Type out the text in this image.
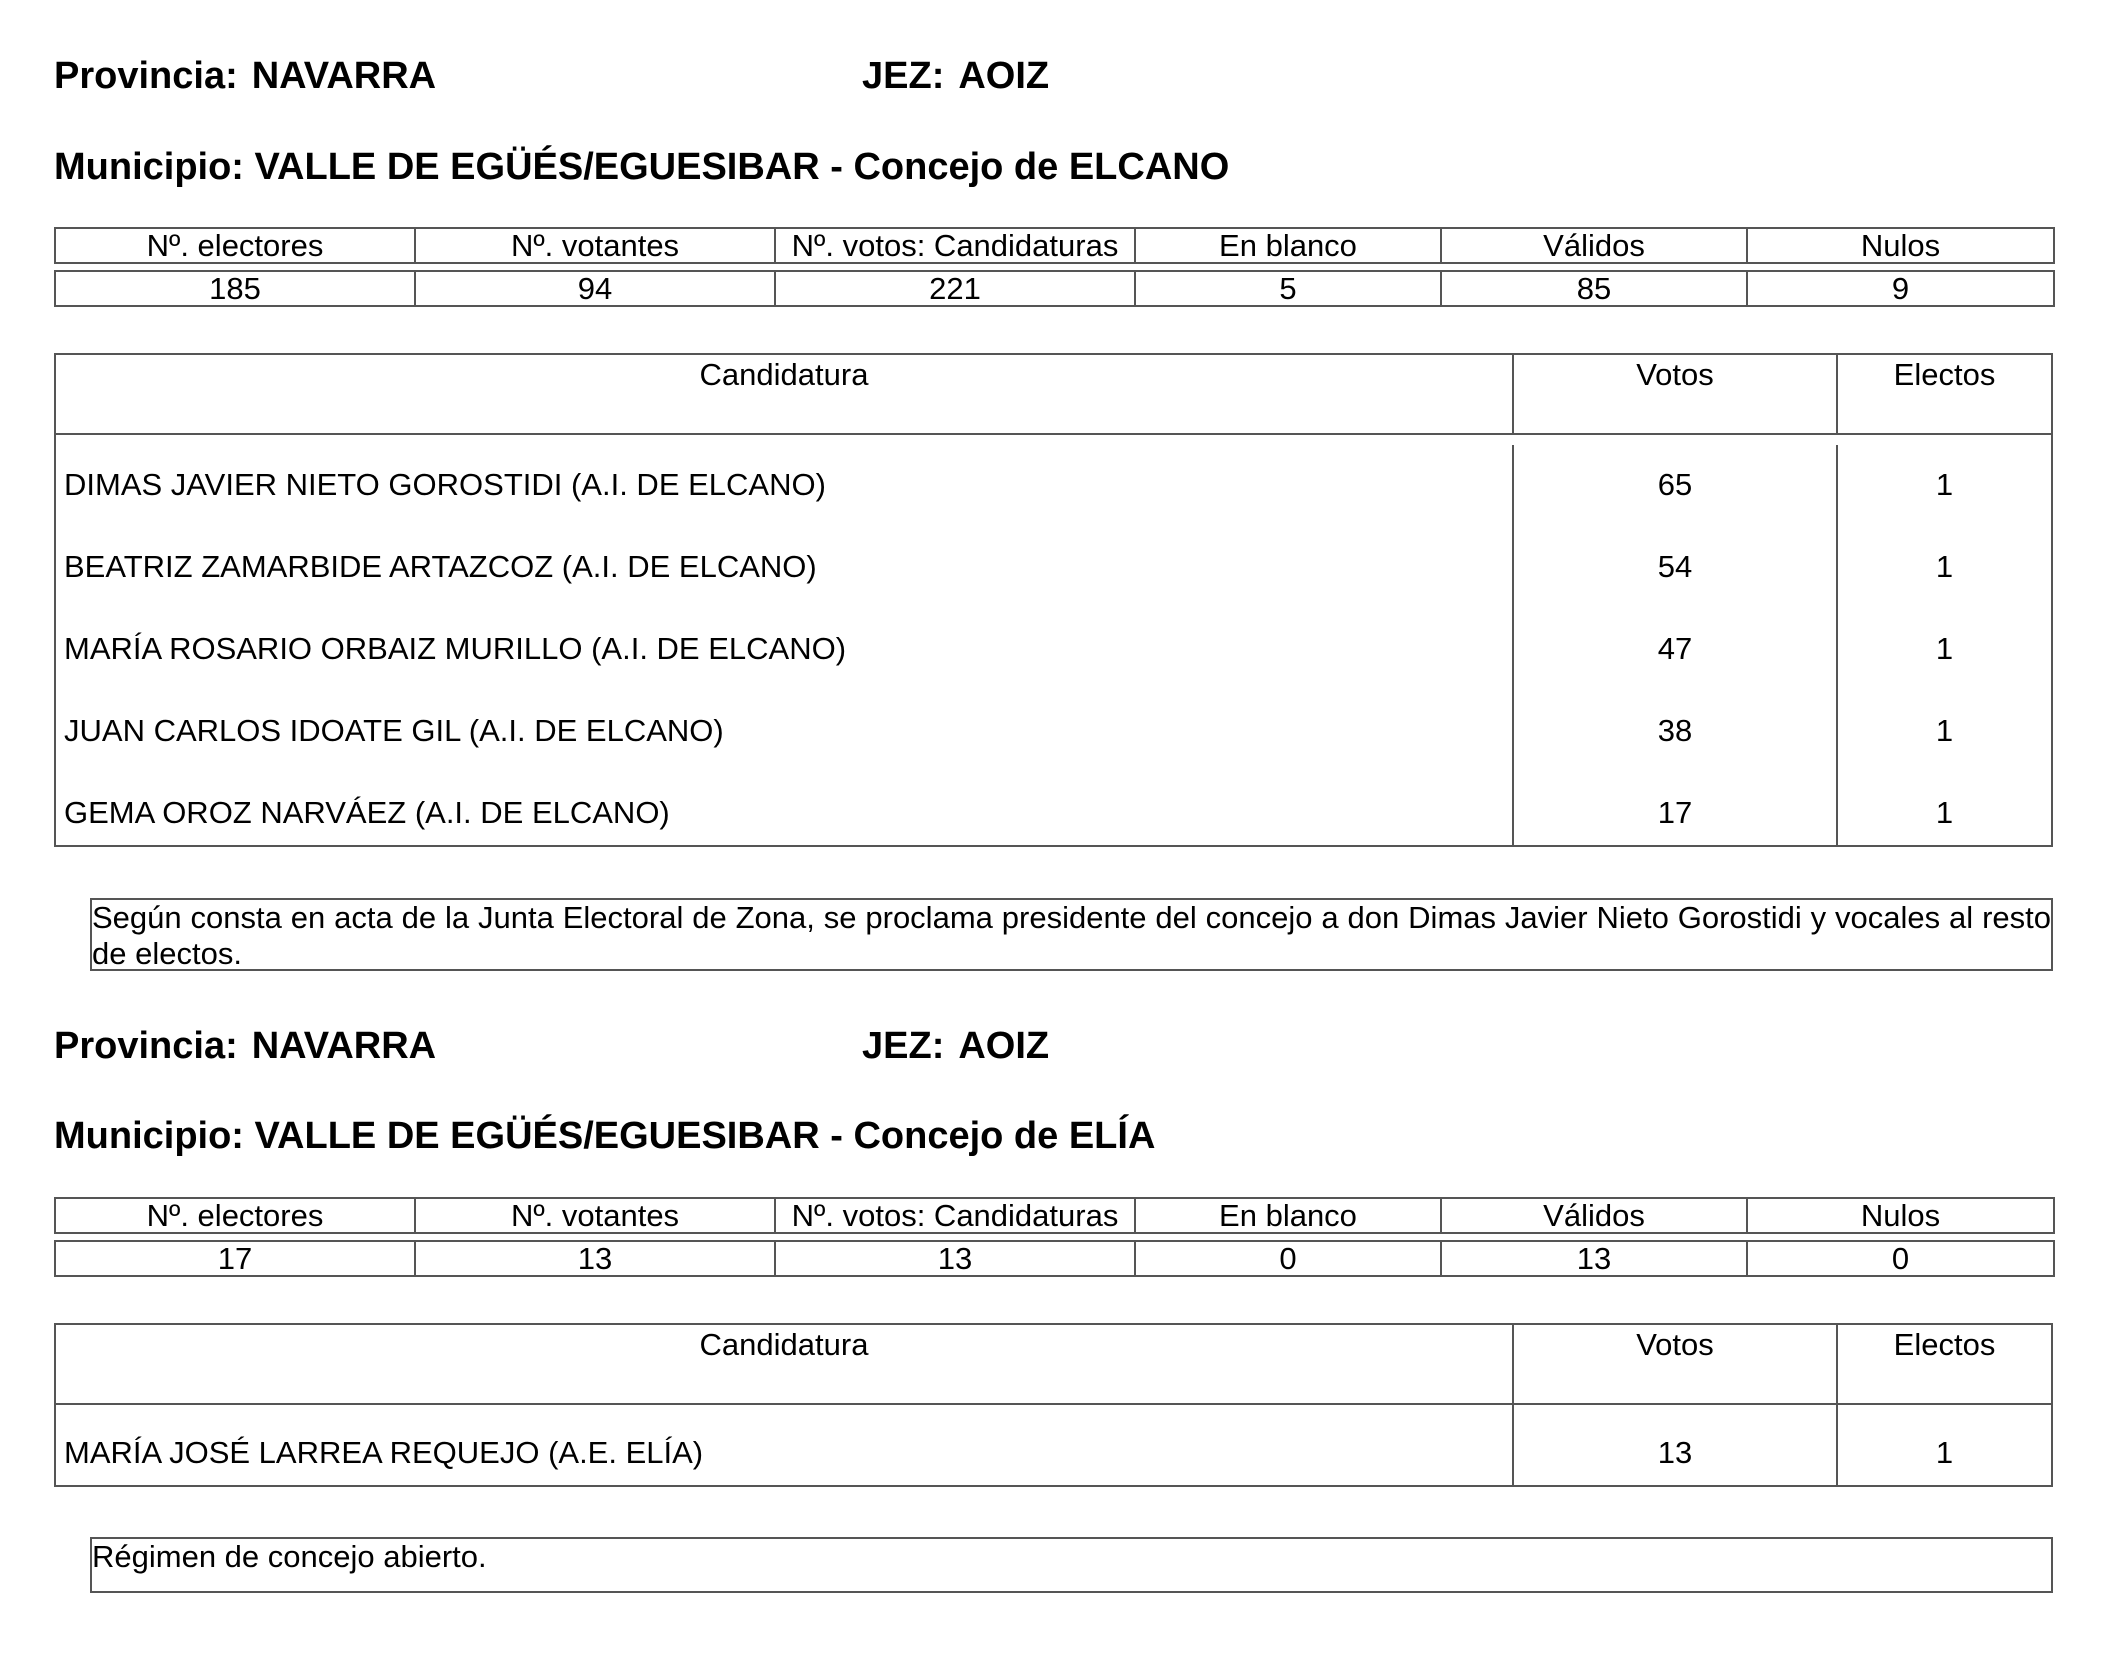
Provincia: NAVARRA	JEZ: AOIZ
Municipio: VALLE DE EGÜÉS/EGUESIBAR - Concejo de ELCANO
Nº. electores	Nº. votantes	Nº. votos: Candidaturas	En blanco	Válidos	Nulos

185	94	221	5	85	9
Candidatura	Votos	Electos
DIMAS JAVIER NIETO GOROSTIDI (A.I. DE ELCANO)	65	1
BEATRIZ ZAMARBIDE ARTAZCOZ (A.I. DE ELCANO)	54	1
MARÍA ROSARIO ORBAIZ MURILLO (A.I. DE ELCANO)	47	1
JUAN CARLOS IDOATE GIL (A.I. DE ELCANO)	38	1
GEMA OROZ NARVÁEZ (A.I. DE ELCANO)	17	1
Según consta en acta de la Junta Electoral de Zona, se proclama presidente del concejo a don Dimas Javier Nieto Gorostidi y vocales al resto de electos.
Provincia: NAVARRA	JEZ: AOIZ
Municipio: VALLE DE EGÜÉS/EGUESIBAR - Concejo de ELÍA
Nº. electores	Nº. votantes	Nº. votos: Candidaturas	En blanco	Válidos	Nulos

17	13	13	0	13	0
Candidatura	Votos	Electos
MARÍA JOSÉ LARREA REQUEJO (A.E. ELÍA)	13	1
Régimen de concejo abierto.
